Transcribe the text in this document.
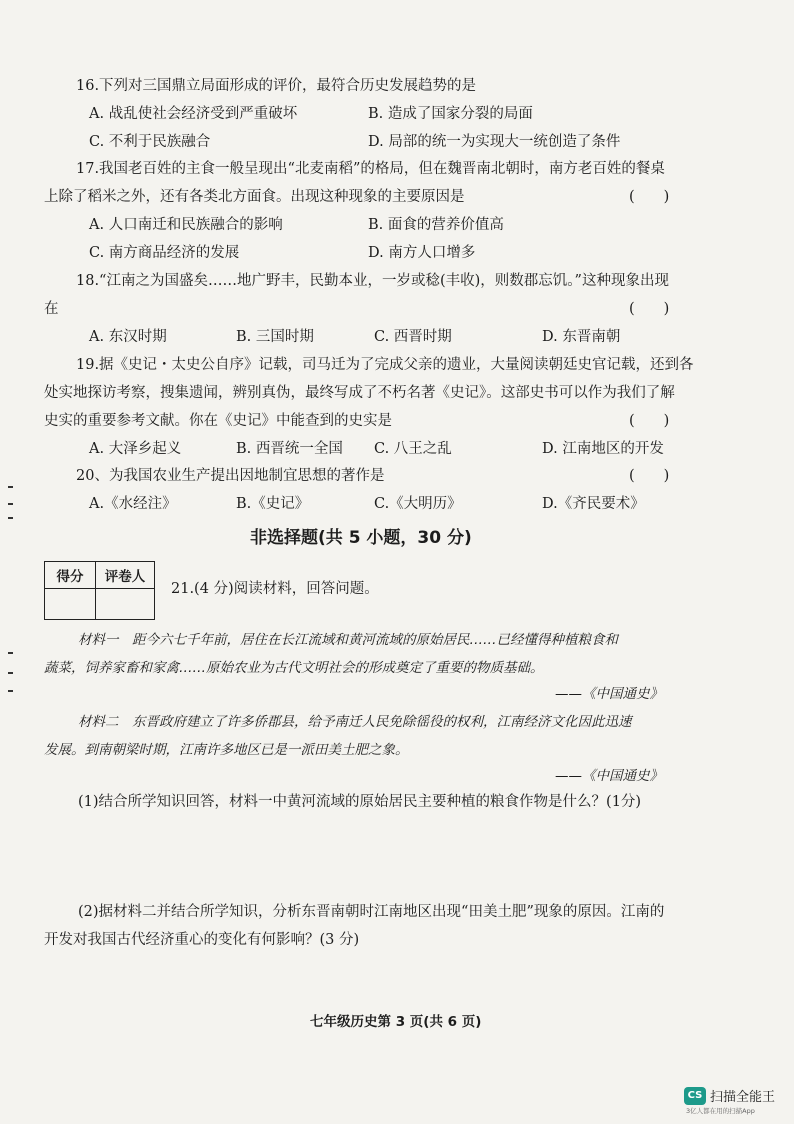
16.下列对三国鼎立局面形成的评价，最符合历史发展趋势的是
A. 战乱使社会经济受到严重破坏	B. 造成了国家分裂的局面
C. 不利于民族融合	D. 局部的统一为实现大一统创造了条件
17.我国老百姓的主食一般呈现出“北麦南稻”的格局，但在魏晋南北朝时，南方老百姓的餐桌
上除了稻米之外，还有各类北方面食。出现这种现象的主要原因是	(　　)
A. 人口南迁和民族融合的影响	B. 面食的营养价值高
C. 南方商品经济的发展	D. 南方人口增多
18.“江南之为国盛矣……地广野丰，民勤本业，一岁或稔(丰收)，则数郡忘饥。”这种现象出现
在	(　　)
A. 东汉时期	B. 三国时期	C. 西晋时期	D. 东晋南朝
19.据《史记・太史公自序》记载，司马迁为了完成父亲的遗业，大量阅读朝廷史官记载，还到各
处实地探访考察，搜集遗闻，辨别真伪，最终写成了不朽名著《史记》。这部史书可以作为我们了解
史实的重要参考文献。你在《史记》中能查到的史实是	(　　)
A. 大泽乡起义	B. 西晋统一全国 C. 八王之乱	D. 江南地区的开发
20、为我国农业生产提出因地制宜思想的著作是	(　　)
A.《水经注》	B.《史记》	C.《大明历》	D.《齐民要术》
非选择题(共 5 小题，30 分)
得分	评卷人

21.(4 分)阅读材料，回答问题。
材料一　距今六七千年前，居住在长江流域和黄河流域的原始居民……已经懂得种植粮食和
蔬菜，饲养家畜和家禽……原始农业为古代文明社会的形成奠定了重要的物质基础。
——《中国通史》
材料二　东晋政府建立了许多侨郡县，给予南迁人民免除徭役的权利，江南经济文化因此迅速
发展。到南朝梁时期，江南许多地区已是一派田美土肥之象。
——《中国通史》
(1)结合所学知识回答，材料一中黄河流域的原始居民主要种植的粮食作物是什么？(1分)
(2)据材料二并结合所学知识，分析东晋南朝时江南地区出现“田美土肥”现象的原因。江南的
开发对我国古代经济重心的变化有何影响？(3 分)
七年级历史第 3 页(共 6 页)
CS 扫描全能王
3亿人都在用的扫描App
